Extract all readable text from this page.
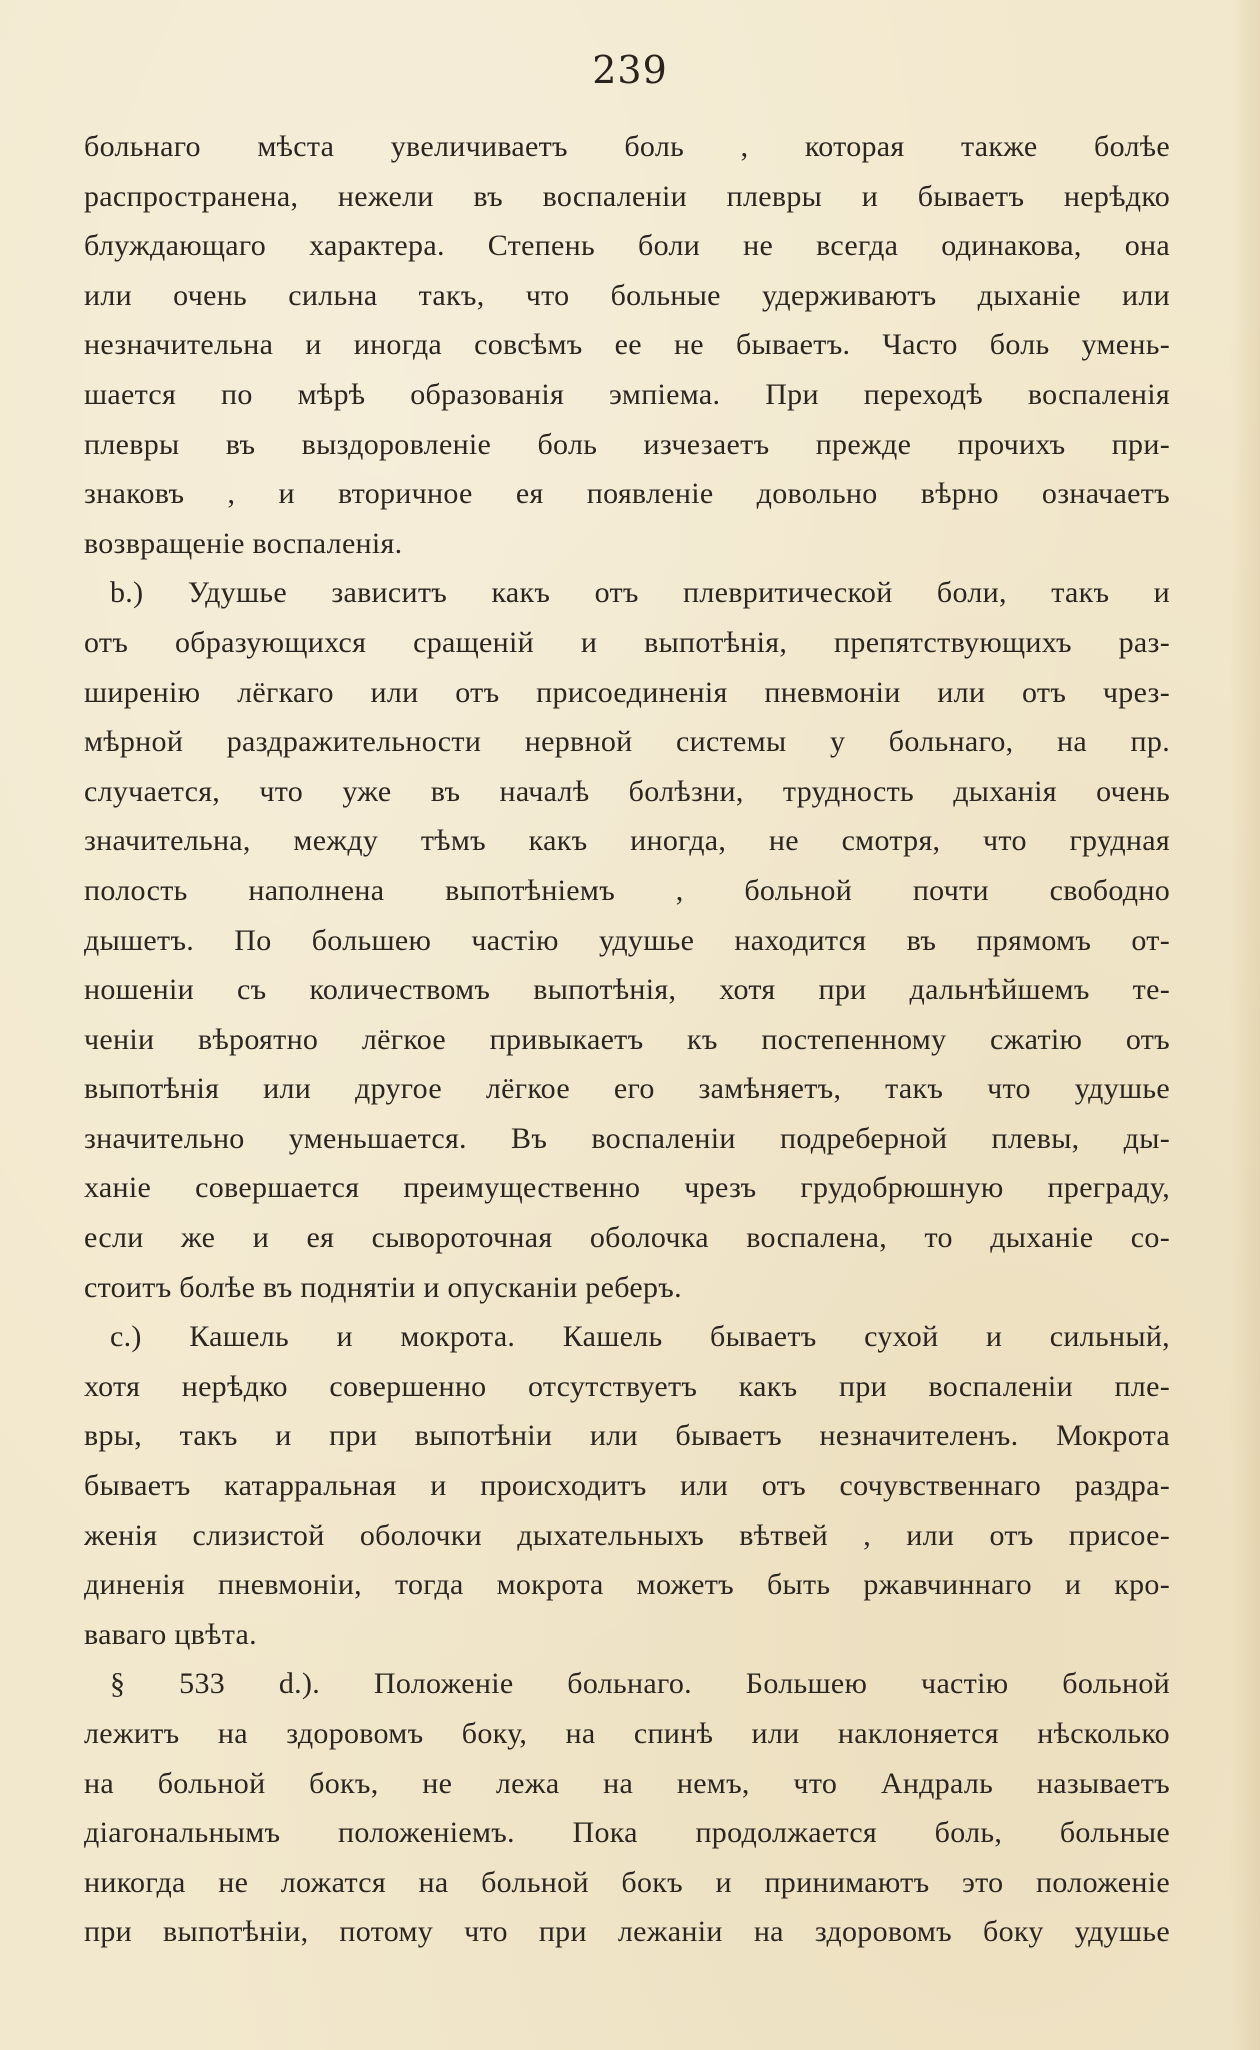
239
больнаго мѣста увеличиваетъ боль , которая также болѣе
распространена, нежели въ воспаленіи плевры и бываетъ нерѣдко
блуждающаго характера. Степень боли не всегда одинакова, она
или очень сильна такъ, что больные удерживаютъ дыханіе или
незначительна и иногда совсѣмъ ее не бываетъ. Часто боль умень-
шается по мѣрѣ образованія эмпіема. При переходѣ воспаленія
плевры въ выздоровленіе боль изчезаетъ прежде прочихъ при-
знаковъ , и вторичное ея появленіе довольно вѣрно означаетъ
возвращеніе воспаленія.
b.) Удушье зависитъ какъ отъ плевритической боли, такъ и
отъ образующихся сращеній и выпотѣнія, препятствующихъ раз-
ширенію лёгкаго или отъ присоединенія пневмоніи или отъ чрез-
мѣрной раздражительности нервной системы у больнаго, на пр.
случается, что уже въ началѣ болѣзни, трудность дыханія очень
значительна, между тѣмъ какъ иногда, не смотря, что грудная
полость наполнена выпотѣніемъ , больной почти свободно
дышетъ. По большею частію удушье находится въ прямомъ от-
ношеніи съ количествомъ выпотѣнія, хотя при дальнѣйшемъ те-
ченіи вѣроятно лёгкое привыкаетъ къ постепенному сжатію отъ
выпотѣнія или другое лёгкое его замѣняетъ, такъ что удушье
значительно уменьшается. Въ воспаленіи подреберной плевы, ды-
ханіе совершается преимущественно чрезъ грудобрюшную преграду,
если же и ея сывороточная оболочка воспалена, то дыханіе со-
стоитъ болѣе въ поднятіи и опусканіи реберъ.
c.) Кашель и мокрота. Кашель бываетъ сухой и сильный,
хотя нерѣдко совершенно отсутствуетъ какъ при воспаленіи пле-
вры, такъ и при выпотѣніи или бываетъ незначителенъ. Мокрота
бываетъ катарральная и происходитъ или отъ сочувственнаго раздра-
женія слизистой оболочки дыхательныхъ вѣтвей , или отъ присое-
диненія пневмоніи, тогда мокрота можетъ быть ржавчиннаго и кро-
ваваго цвѣта.
§ 533 d.). Положеніе больнаго. Большею частію больной
лежитъ на здоровомъ боку, на спинѣ или наклоняется нѣсколько
на больной бокъ, не лежа на немъ, что Андраль называетъ
діагональнымъ положеніемъ. Пока продолжается боль, больные
никогда не ложатся на больной бокъ и принимаютъ это положеніе
при выпотѣніи, потому что при лежаніи на здоровомъ боку удушье
